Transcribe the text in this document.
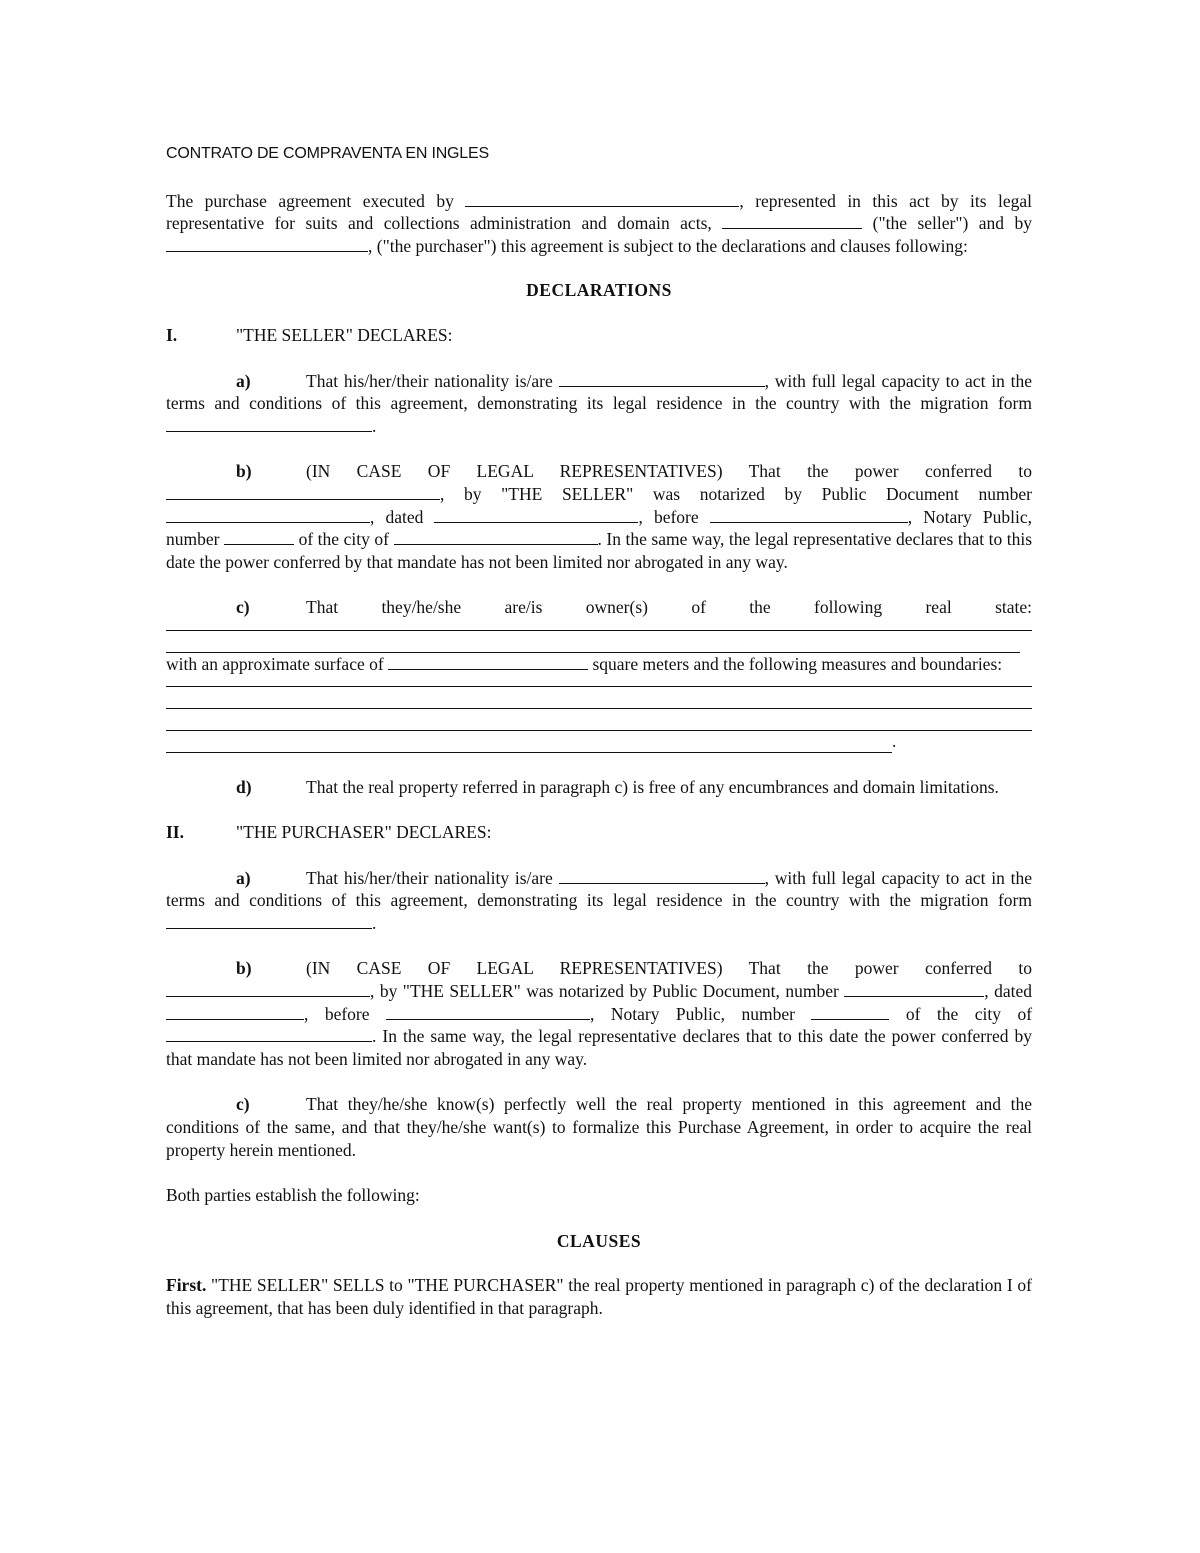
CONTRATO DE COMPRAVENTA EN INGLES

The purchase agreement executed by	, represented in this act by its legal representative for suits and collections administration and domain acts,	("the seller") and by , ("the purchaser") this agreement is subject to the declarations and clauses following:

DECLARATIONS
I.	"THE SELLER" DECLARES:

a)	That his/her/their nationality is/are	, with full legal capacity to act in the terms and conditions of this agreement, demonstrating its legal residence in the country with the migration form .

b)	(IN CASE OF LEGAL REPRESENTATIVES) That the power conferred to , by "THE SELLER" was notarized by Public Document number , dated	, before	, Notary Public, number	of the city of	. In the same way, the legal representative declares that to this date the power conferred by that mandate has not been limited nor abrogated in any way.

c)	That they/he/she are/is owner(s) of the following real state:

with an approximate surface of	square meters and the following measures and boundaries:

.

d)	That the real property referred in paragraph c) is free of any encumbrances and domain limitations.

II.	"THE PURCHASER" DECLARES:

a)	That his/her/their nationality is/are	, with full legal capacity to act in the terms and conditions of this agreement, demonstrating its legal residence in the country with the migration form .

b)	(IN CASE OF LEGAL REPRESENTATIVES) That the power conferred to , by "THE SELLER" was notarized by Public Document, number	, dated , before	, Notary Public, number	of the city of . In the same way, the legal representative declares that to this date the power conferred by that mandate has not been limited nor abrogated in any way.

c)	That they/he/she know(s) perfectly well the real property mentioned in this agreement and the conditions of the same, and that they/he/she want(s) to formalize this Purchase Agreement, in order to acquire the real property herein mentioned.

Both parties establish the following:

CLAUSES

First. "THE SELLER" SELLS to "THE PURCHASER" the real property mentioned in paragraph c) of the declaration I of this agreement, that has been duly identified in that paragraph.
